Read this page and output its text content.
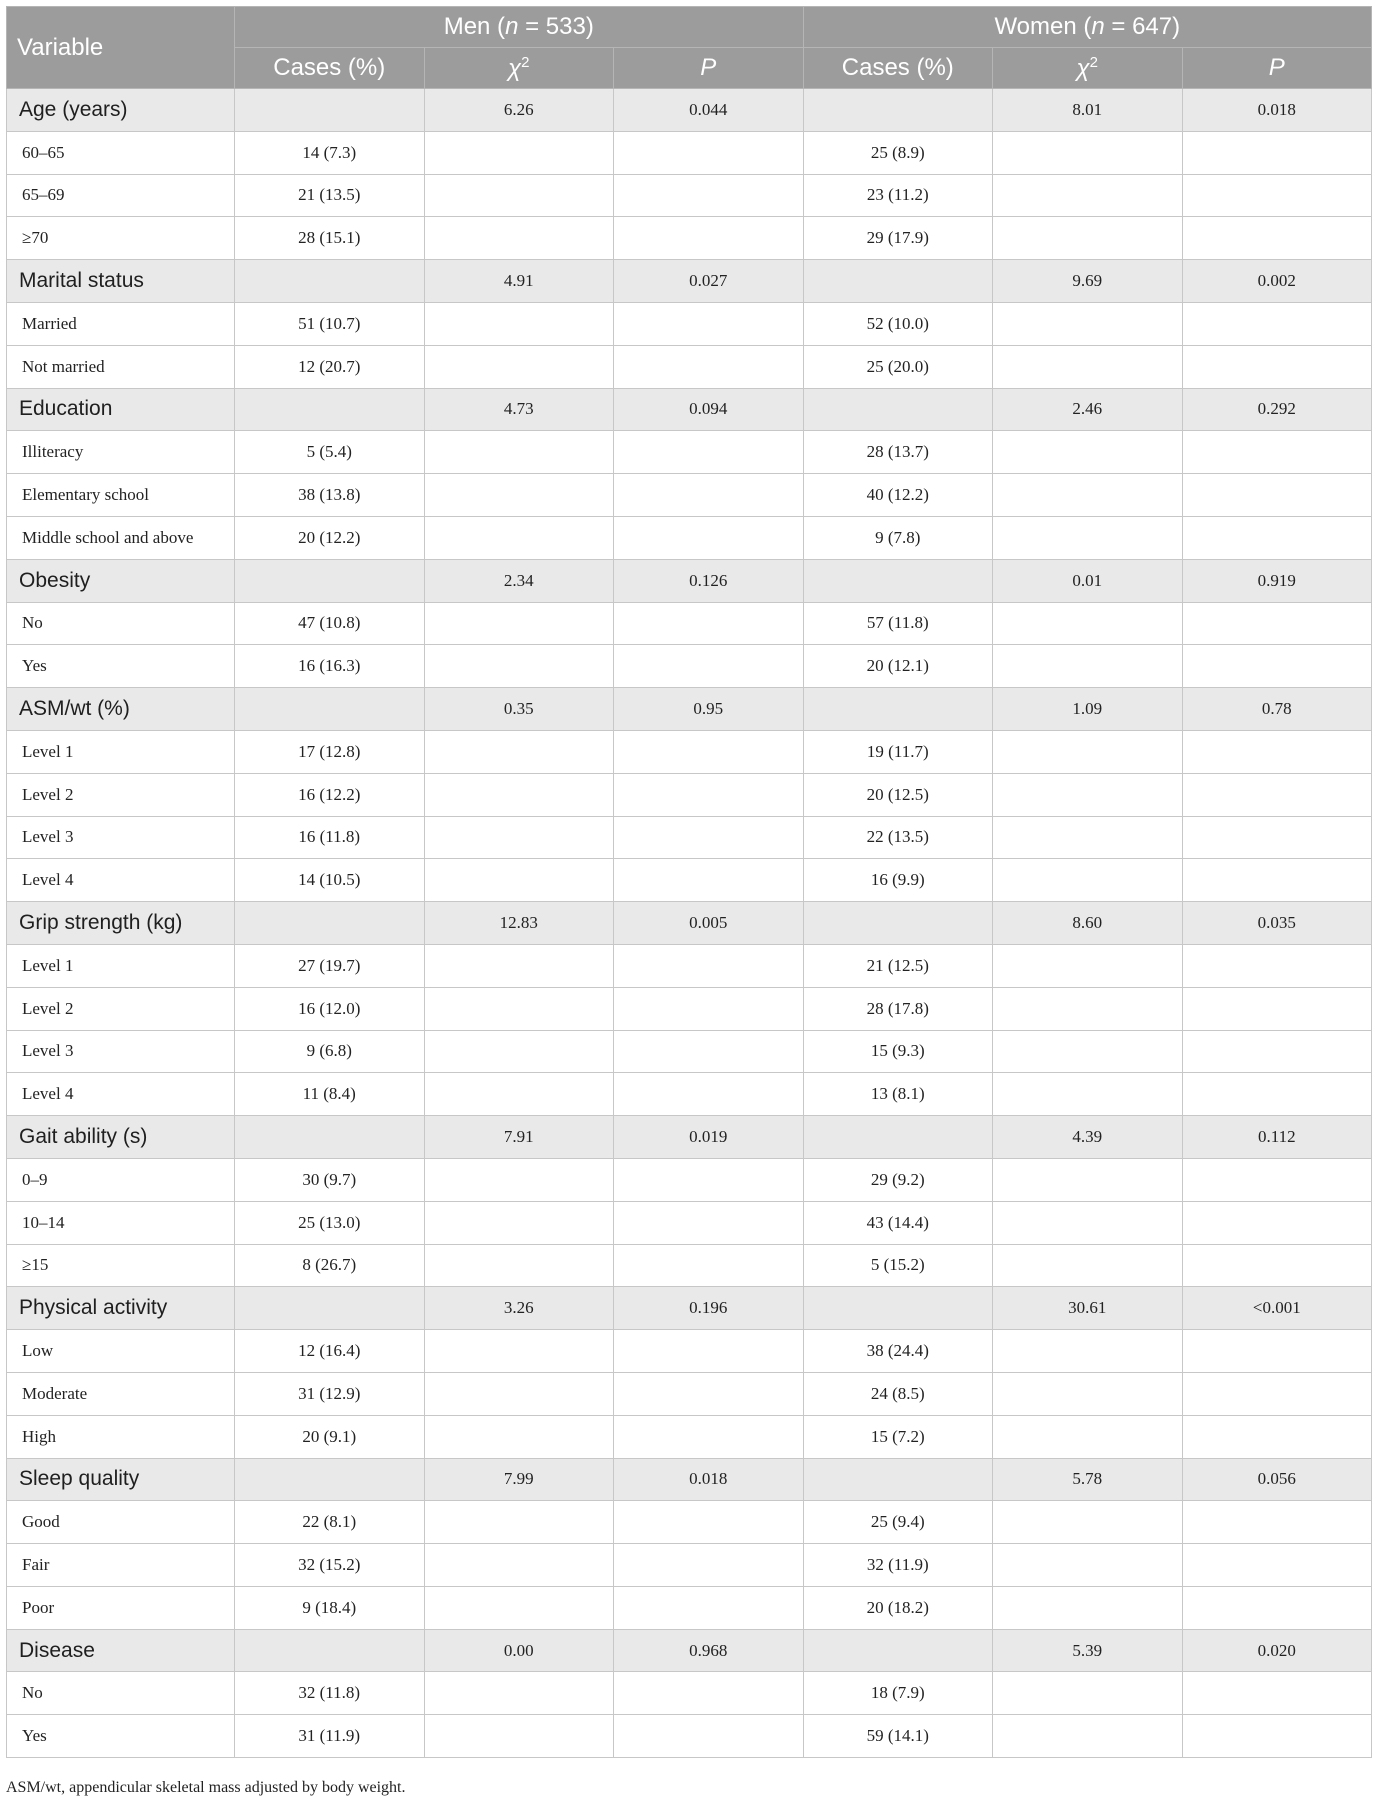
Variable	Men (n = 533)			Women (n = 647)		
	Cases (%)	$\chi^2$	P	Cases (%)	$\chi^2$	P
Age (years)		6.26	0.044		8.01	0.018
60–65	14 (7.3)			25 (8.9)		
65–69	21 (13.5)			23 (11.2)		
≥70	28 (15.1)			29 (17.9)		
Marital status		4.91	0.027		9.69	0.002
Married	51 (10.7)			52 (10.0)		
Not married	12 (20.7)			25 (20.0)		
Education		4.73	0.094		2.46	0.292
Illiteracy	5 (5.4)			28 (13.7)		
Elementary school	38 (13.8)			40 (12.2)		
Middle school and above	20 (12.2)			9 (7.8)		
Obesity		2.34	0.126		0.01	0.919
No	47 (10.8)			57 (11.8)		
Yes	16 (16.3)			20 (12.1)		
ASM/wt (%)		0.35	0.95		1.09	0.78
Level 1	17 (12.8)			19 (11.7)		
Level 2	16 (12.2)			20 (12.5)		
Level 3	16 (11.8)			22 (13.5)		
Level 4	14 (10.5)			16 (9.9)		
Grip strength (kg)		12.83	0.005		8.60	0.035
Level 1	27 (19.7)			21 (12.5)		
Level 2	16 (12.0)			28 (17.8)		
Level 3	9 (6.8)			15 (9.3)		
Level 4	11 (8.4)			13 (8.1)		
Gait ability (s)		7.91	0.019		4.39	0.112
0–9	30 (9.7)			29 (9.2)		
10–14	25 (13.0)			43 (14.4)		
≥15	8 (26.7)			5 (15.2)		
Physical activity		3.26	0.196		30.61	<0.001
Low	12 (16.4)			38 (24.4)		
Moderate	31 (12.9)			24 (8.5)		
High	20 (9.1)			15 (7.2)		
Sleep quality		7.99	0.018		5.78	0.056
Good	22 (8.1)			25 (9.4)		
Fair	32 (15.2)			32 (11.9)		
Poor	9 (18.4)			20 (18.2)		
Disease		0.00	0.968		5.39	0.020
No	32 (11.8)			18 (7.9)		
Yes	31 (11.9)			59 (14.1)		
ASM/wt, appendicular skeletal mass adjusted by body weight.
